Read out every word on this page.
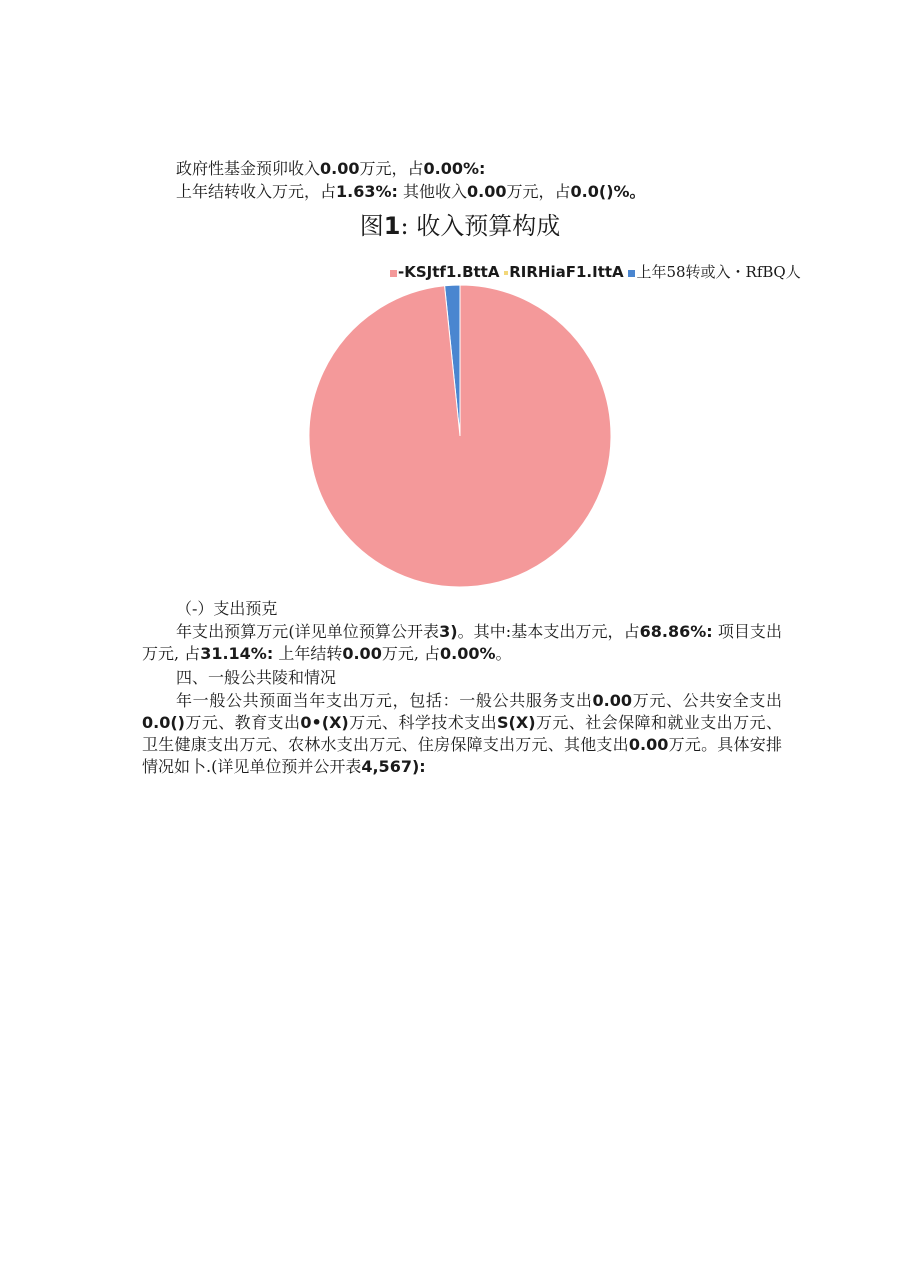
政府性基金预卯收入0.00万元，占0.00%:
上年结转收入万元，占1.63%: 其他收入0.00万元，占0.0()%。
图1: 收入预算构成
-KSJtf1.BttA RIRHiaF1.IttA 上年58转或入・RfBQ人
（-）支出预克
年支出预算万元(详见单位预算公开表3)。其中:基本支出万元，占68.86%: 项目支出万元, 占31.14%: 上年结转0.00万元, 占0.00%。
四、一般公共陵和情况
年一般公共预面当年支出万元，包括：一般公共服务支出0.00万元、公共安全支出0.0()万元、教育支出0•(X)万元、科学技术支出S(X)万元、社会保障和就业支出万元、卫生健康支出万元、农林水支出万元、住房保障支出万元、其他支出0.00万元。具体安排情况如卜.(详见单位预并公开表4,567):
